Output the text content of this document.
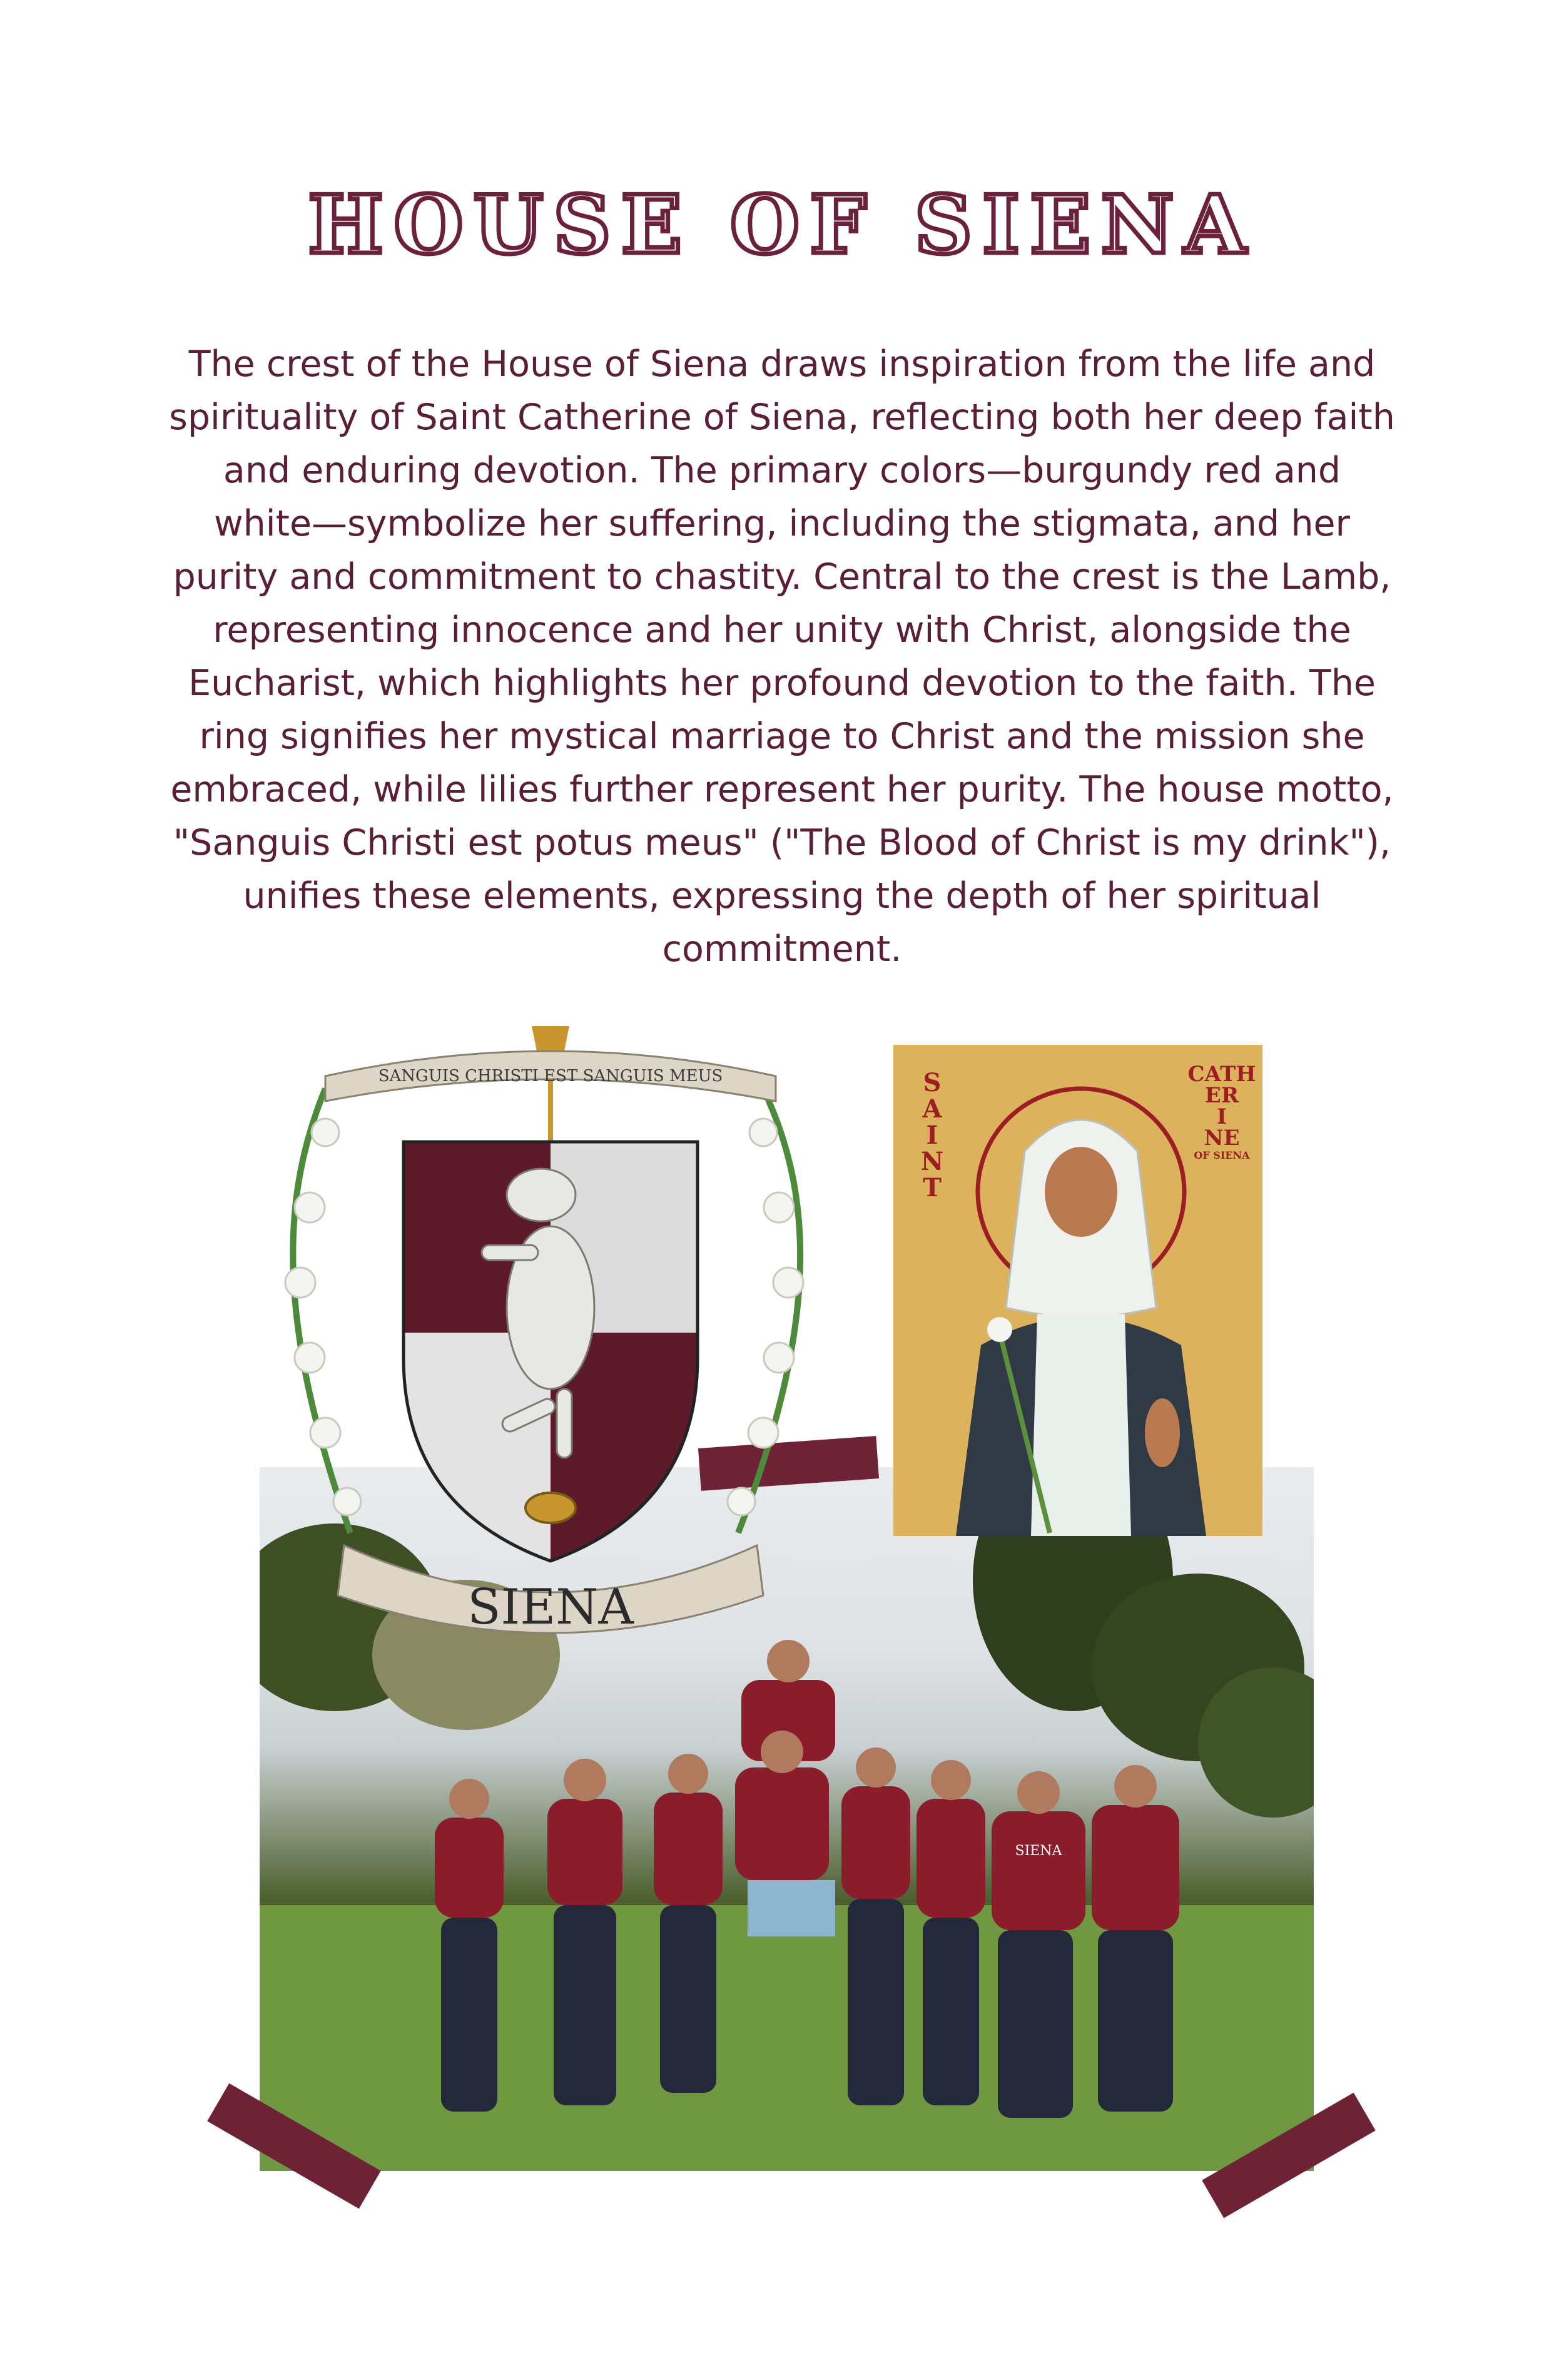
HOUSE OF SIENA

The crest of the House of Siena draws inspiration from the life and spirituality of Saint Catherine of Siena, reflecting both her deep faith and enduring devotion. The primary colors—burgundy red and white—symbolize her suffering, including the stigmata, and her purity and commitment to chastity. Central to the crest is the Lamb, representing innocence and her unity with Christ, alongside the Eucharist, which highlights her profound devotion to the faith. The ring signifies her mystical marriage to Christ and the mission she embraced, while lilies further represent her purity. The house motto, "Sanguis Christi est potus meus" ("The Blood of Christ is my drink"), unifies these elements, expressing the depth of her spiritual commitment.

SIENA
SANGUIS CHRISTI EST SANGUIS MEUS
SIENA
SAINT
CATH
ER
I
NE
OF SIENA
